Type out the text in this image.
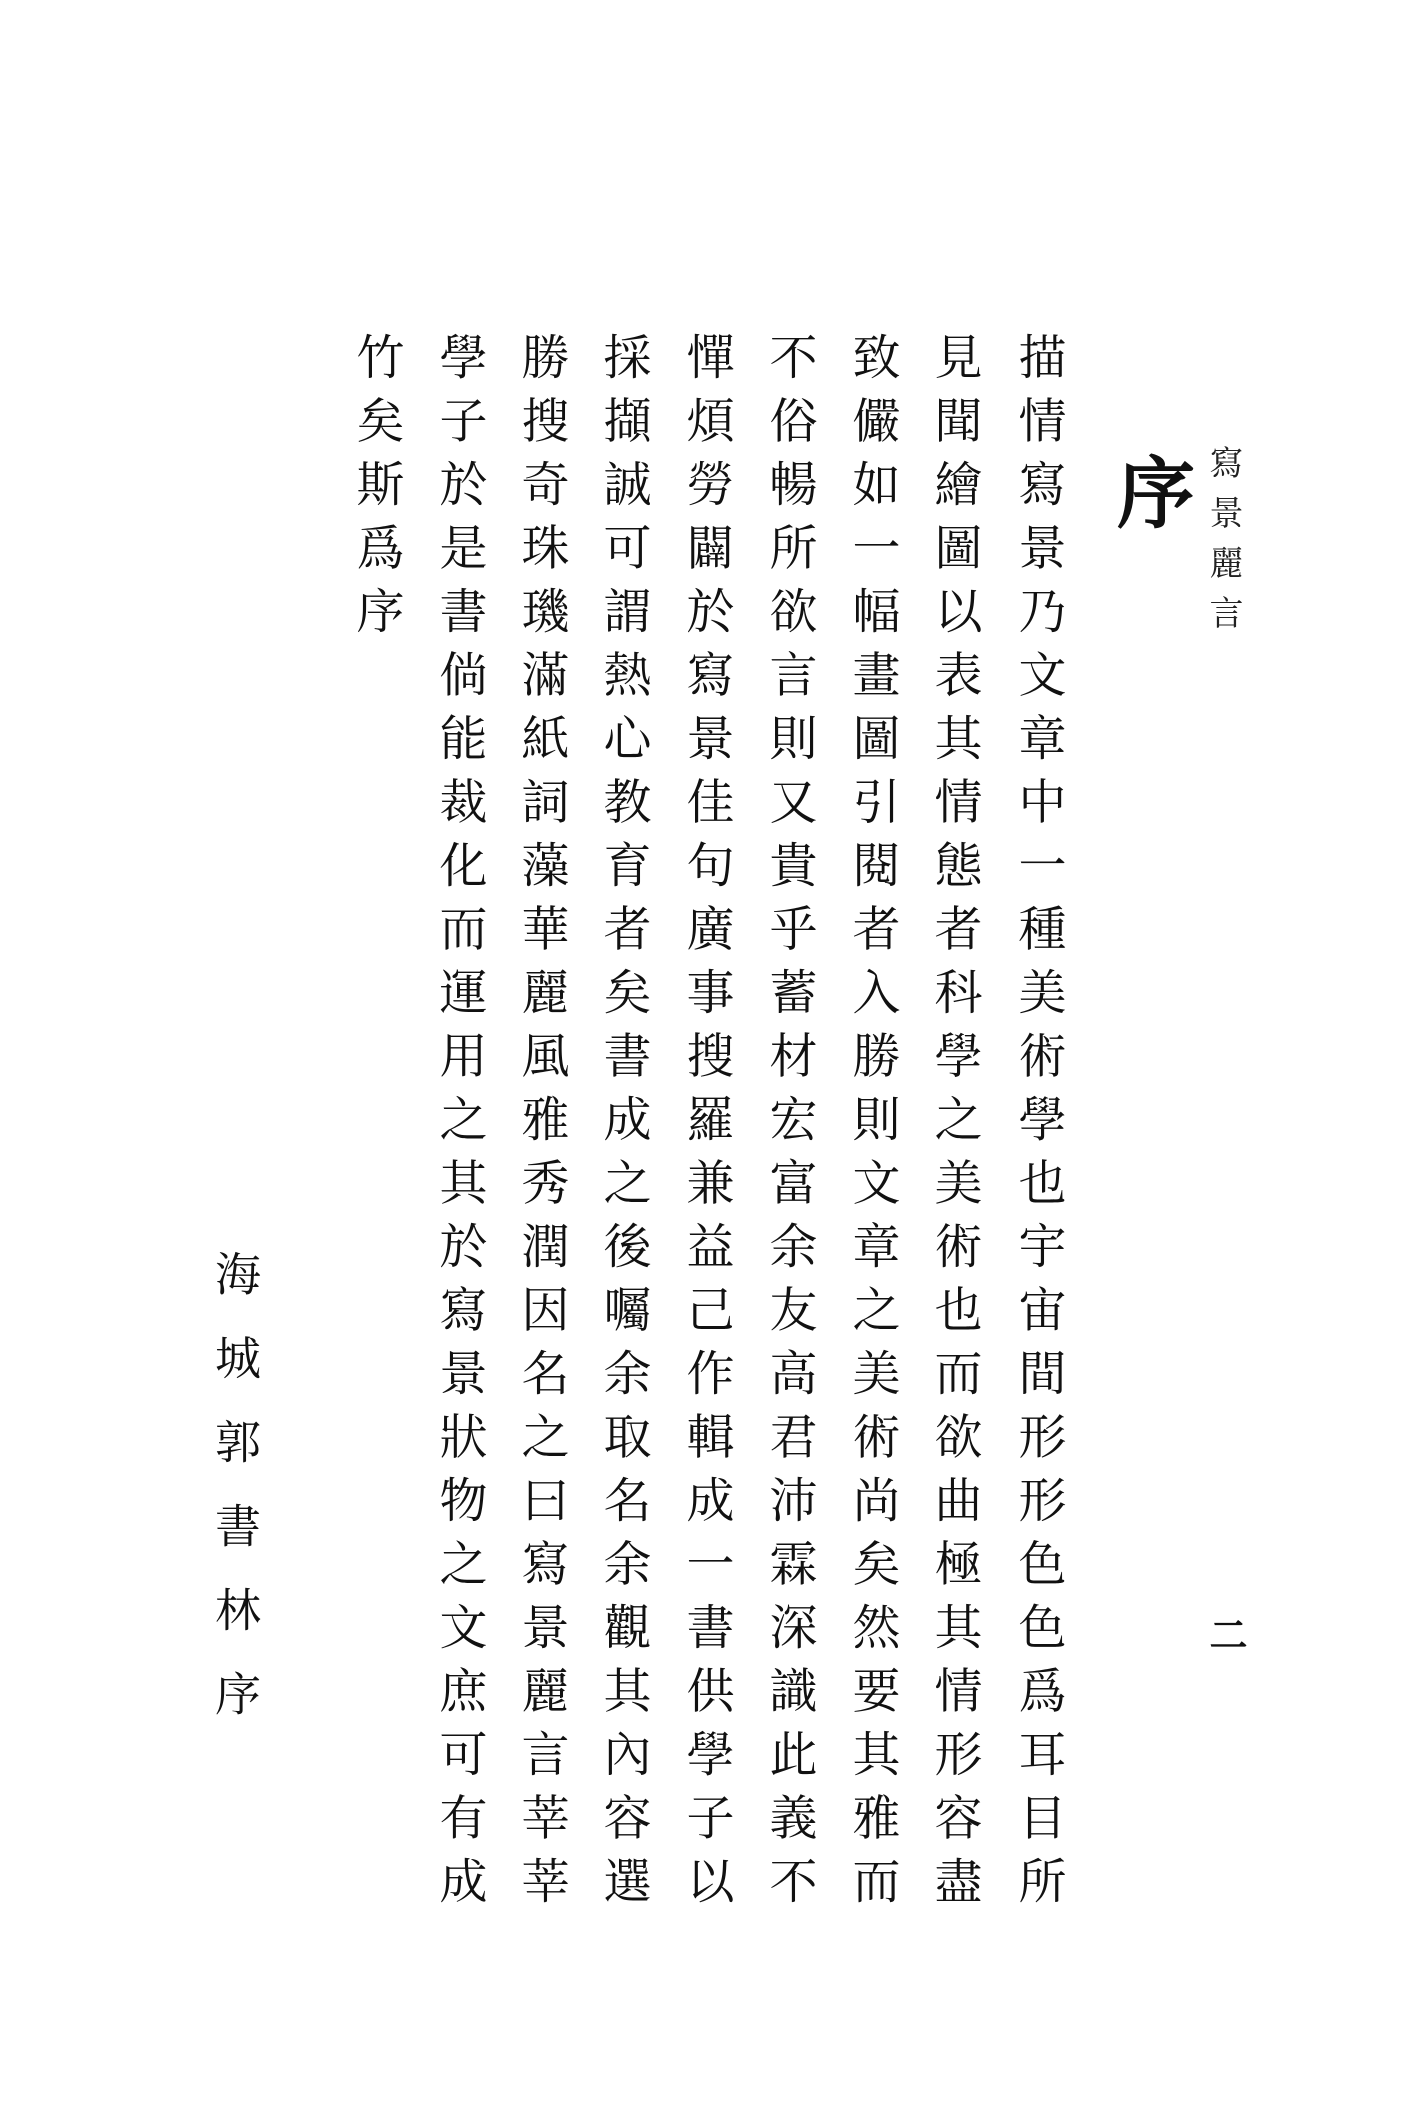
寫景麗言
二
序
描情寫景乃文章中一種美術學也宇宙間形形色色爲耳目所
見聞繪圖以表其情態者科學之美術也而欲曲極其情形容盡
致儼如一幅畫圖引閱者入勝則文章之美術尚矣然要其雅而
不俗暢所欲言則又貴乎蓄材宏富余友高君沛霖深識此義不
憚煩勞闢於寫景佳句廣事搜羅兼益己作輯成一書供學子以
採擷誠可謂熱心教育者矣書成之後囑余取名余觀其內容選
勝搜奇珠璣滿紙詞藻華麗風雅秀潤因名之曰寫景麗言莘莘
學子於是書倘能裁化而運用之其於寫景狀物之文庶可有成
竹矣斯爲序
海城郭書林序
